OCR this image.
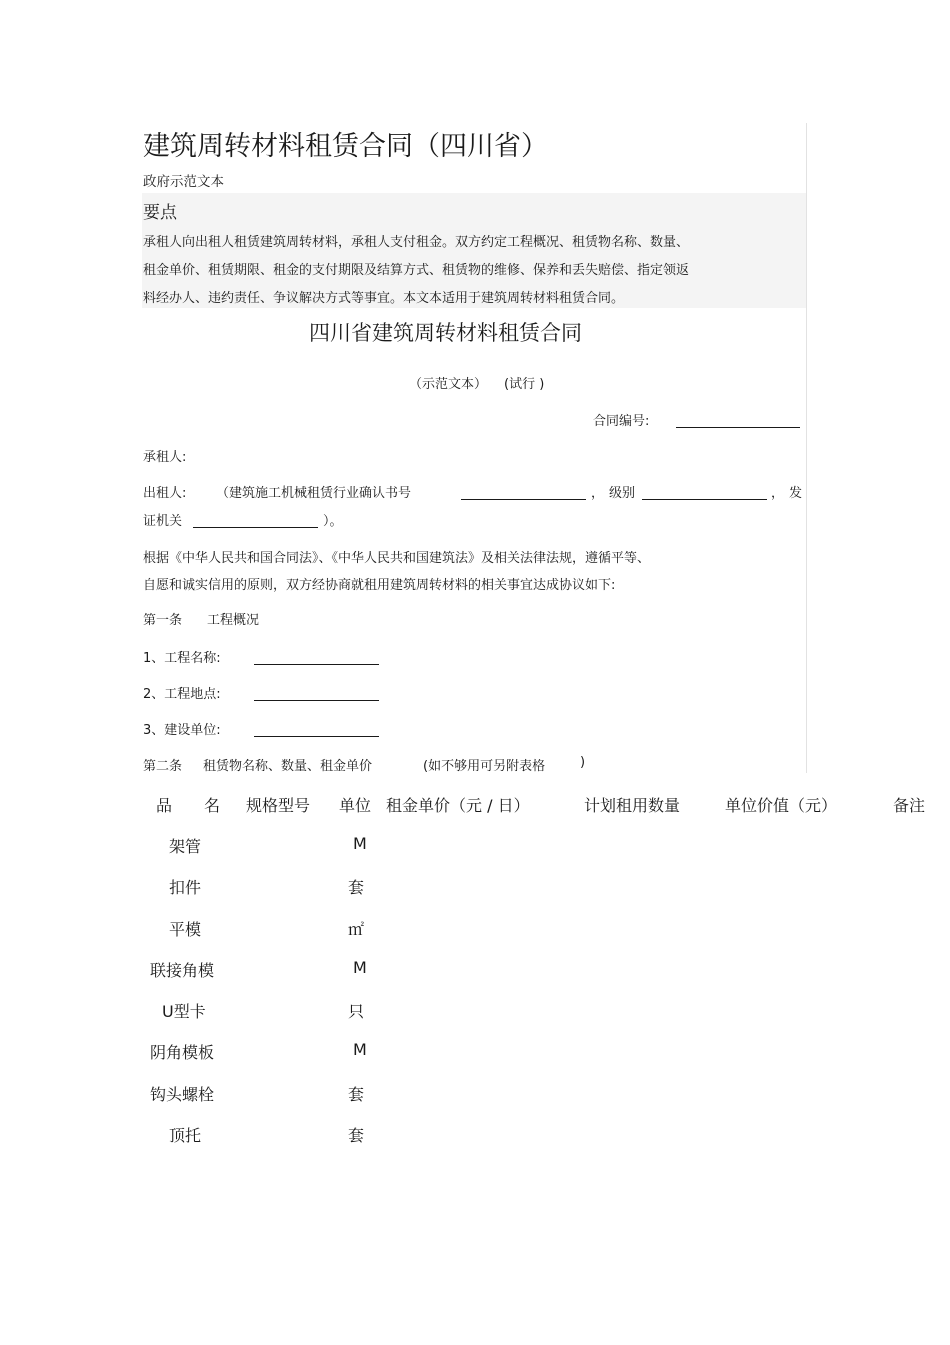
建筑周转材料租赁合同（四川省）
政府示范文本
要点
承租人向出租人租赁建筑周转材料，承租人支付租金。双方约定工程概况、租赁物名称、数量、
租金单价、租赁期限、租金的支付期限及结算方式、租赁物的维修、保养和丢失赔偿、指定领返
料经办人、违约责任、争议解决方式等事宜。本文本适用于建筑周转材料租赁合同。
四川省建筑周转材料租赁合同
（示范文本） (试行 )
合同编号:
承租人:
出租人: （建筑施工机械租赁行业确认书号	， 级别	， 发
证机关	）。
根据《中华人民共和国合同法》、《中华人民共和国建筑法》及相关法律法规，遵循平等、
自愿和诚实信用的原则，双方经协商就租用建筑周转材料的相关事宜达成协议如下:
第一条 工程概况
1、工程名称:
2、工程地点:
3、建设单位:
第二条 租赁物名称、数量、租金单价	(如不够用可另附表格	)
品 名 规格型号 单位 租金单价（元 / 日）	计划租用数量	单位价值（元）	备注
架管	M
扣件	套
平模	㎡
联接角模	M
U型卡	只
阴角模板	M
钩头螺栓	套
顶托	套
